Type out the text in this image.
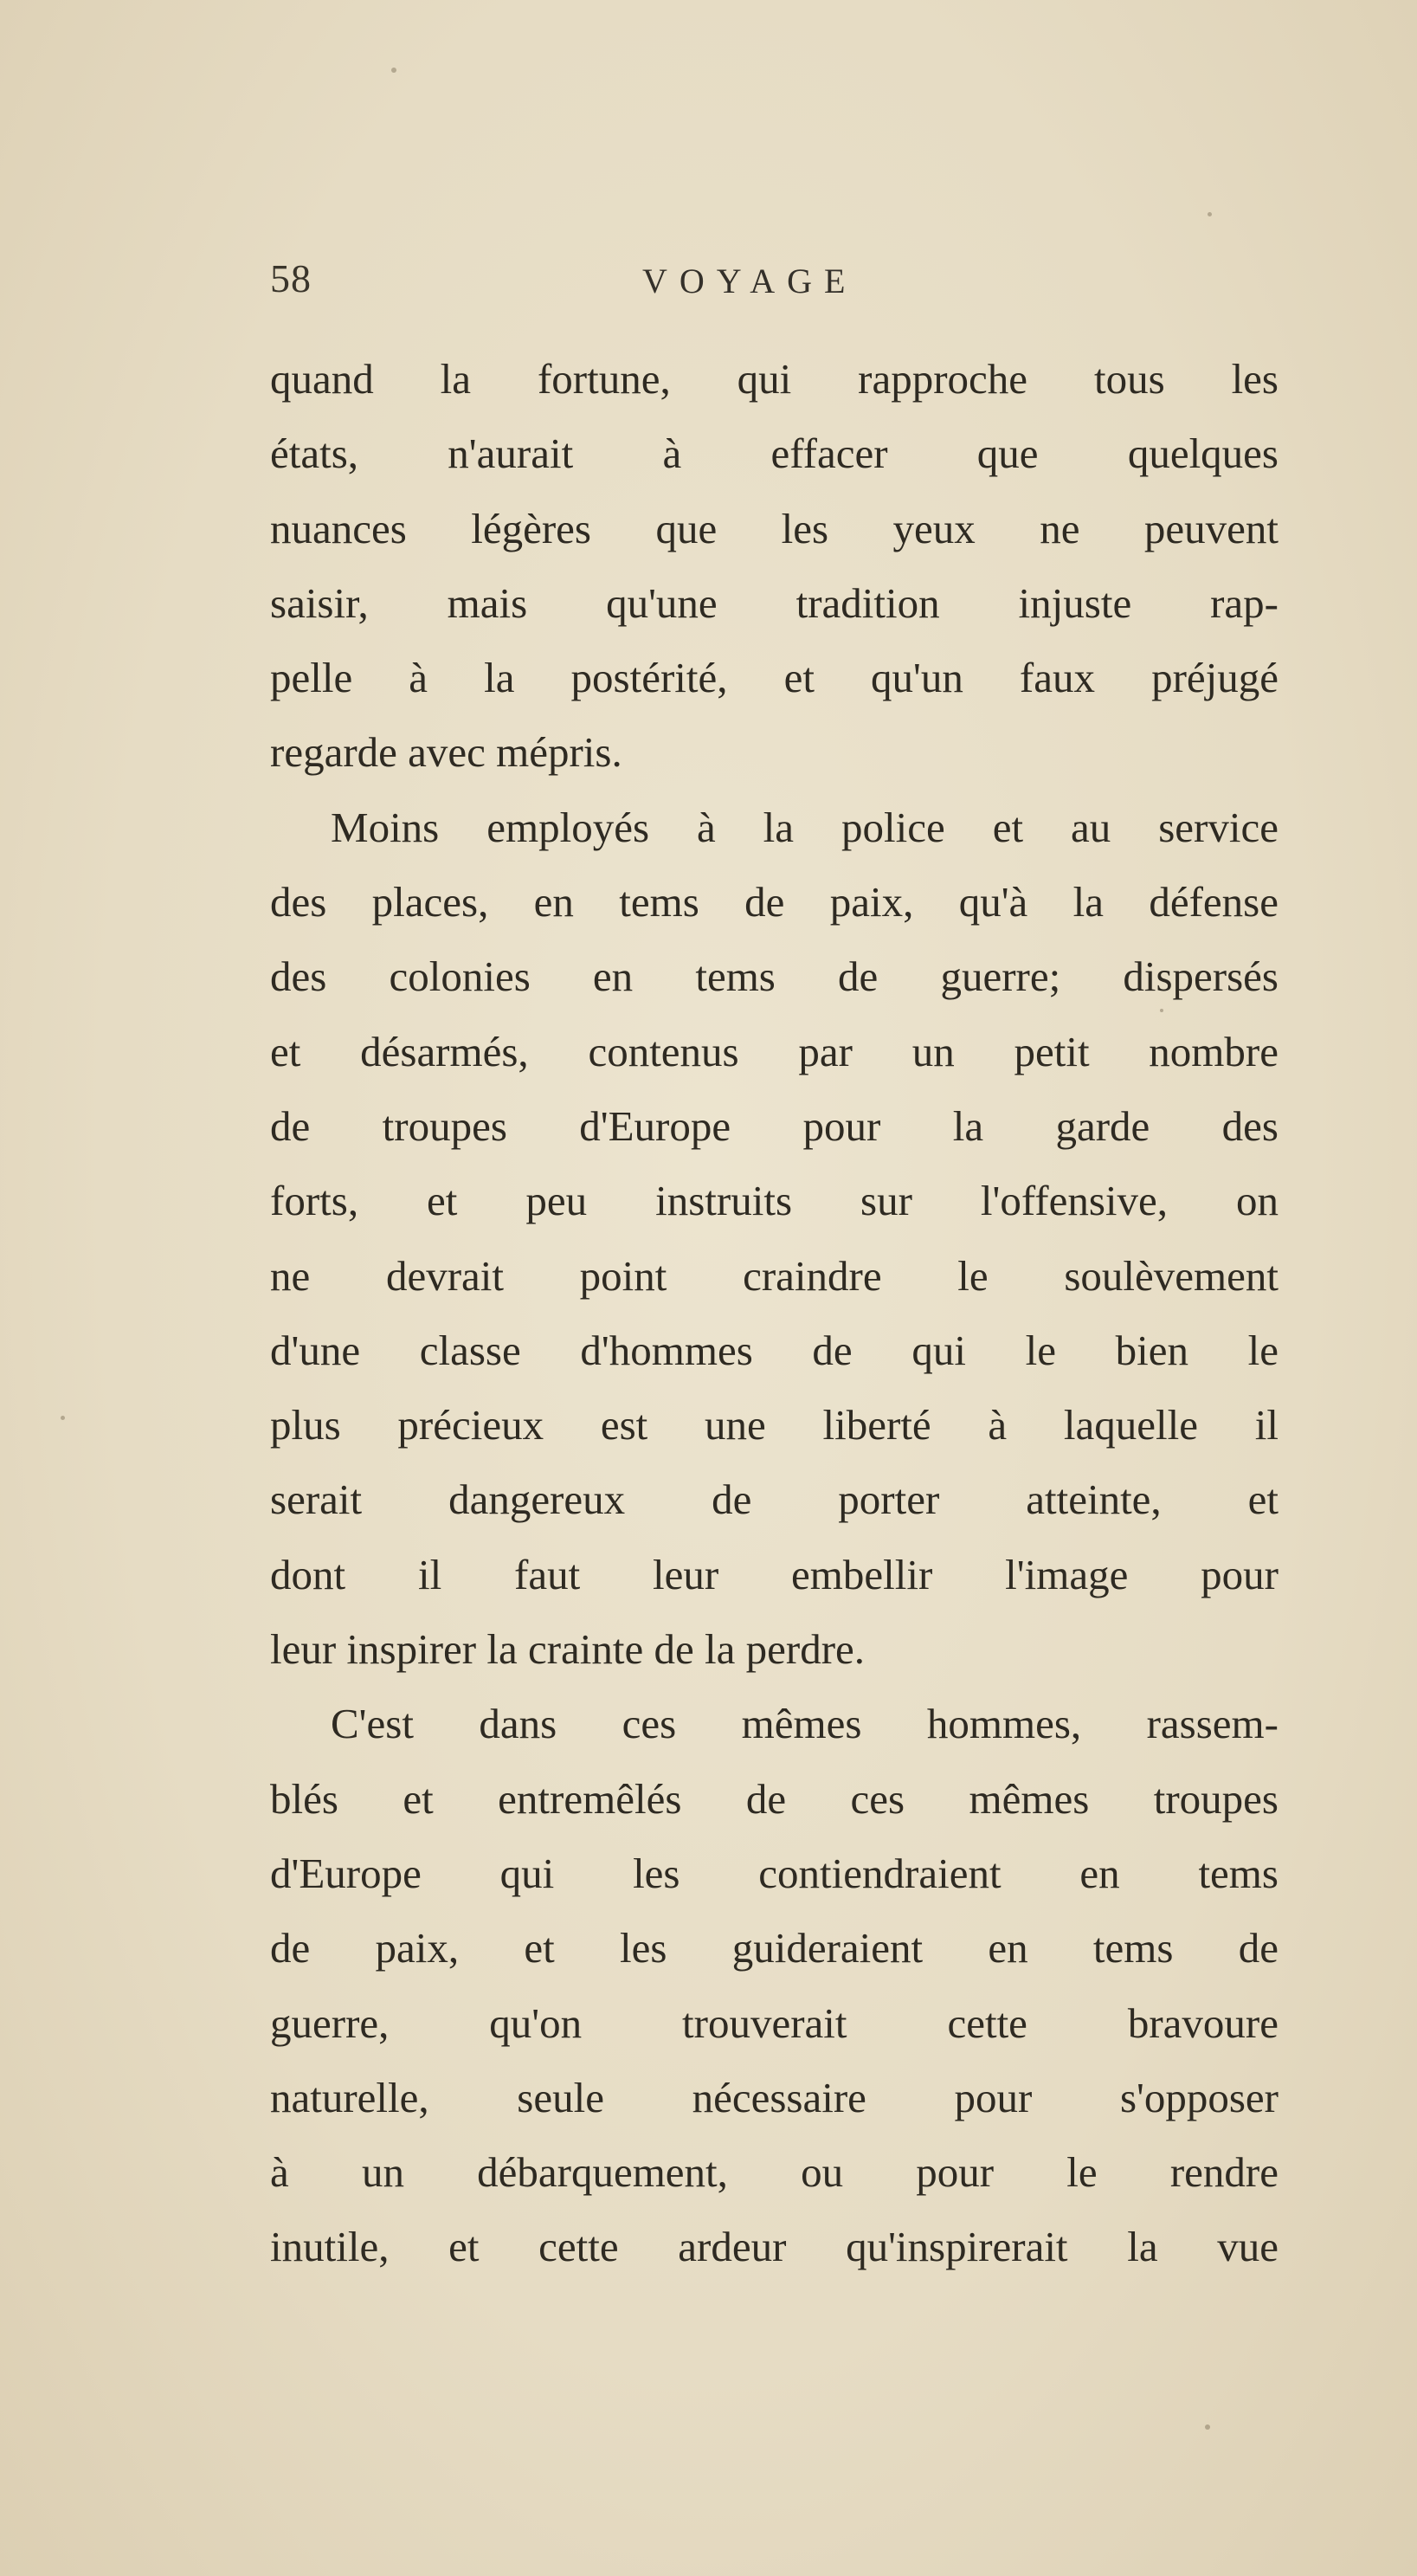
58	VOYAGE
quand la fortune, qui rapproche tous les
états, n'aurait à effacer que quelques
nuances légères que les yeux ne peuvent
saisir, mais qu'une tradition injuste rap-
pelle à la postérité, et qu'un faux préjugé
regarde avec mépris.
Moins employés à la police et au service
des places, en tems de paix, qu'à la défense
des colonies en tems de guerre; dispersés
et désarmés, contenus par un petit nombre
de troupes d'Europe pour la garde des
forts, et peu instruits sur l'offensive, on
ne devrait point craindre le soulèvement
d'une classe d'hommes de qui le bien le
plus précieux est une liberté à laquelle il
serait dangereux de porter atteinte, et
dont il faut leur embellir l'image pour
leur inspirer la crainte de la perdre.
C'est dans ces mêmes hommes, rassem-
blés et entremêlés de ces mêmes troupes
d'Europe qui les contiendraient en tems
de paix, et les guideraient en tems de
guerre, qu'on trouverait cette bravoure
naturelle, seule nécessaire pour s'opposer
à un débarquement, ou pour le rendre
inutile, et cette ardeur qu'inspirerait la vue
